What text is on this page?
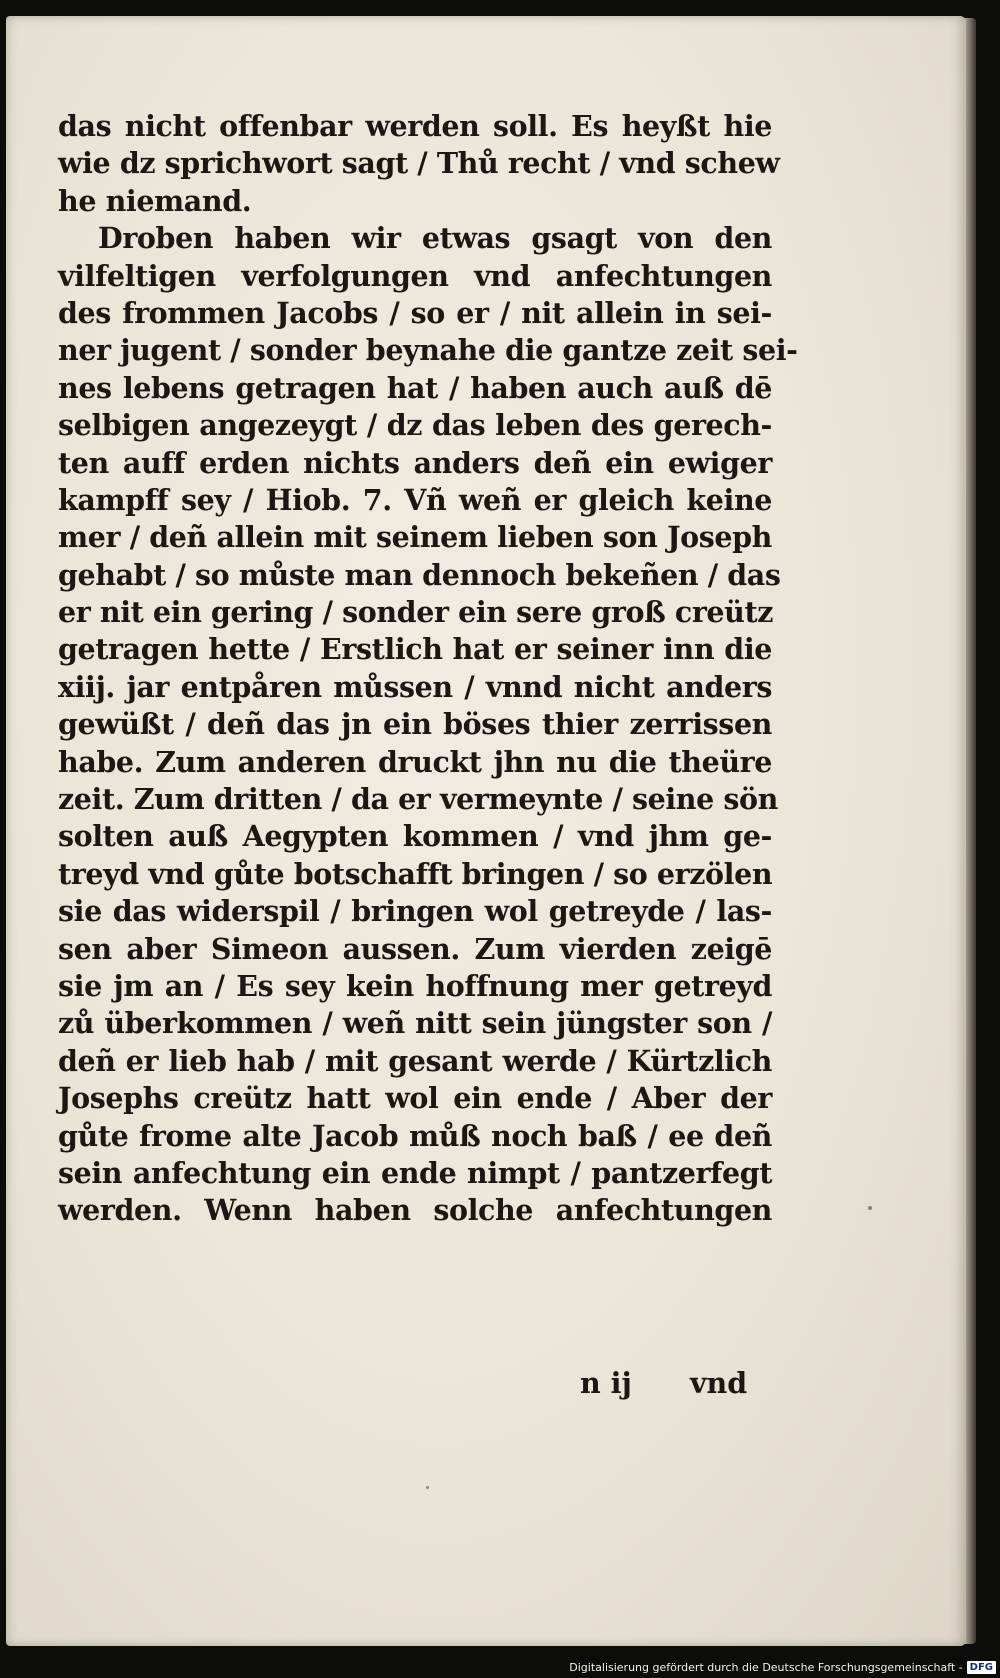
das nicht offenbar werden soll. Es heyßt hie
wie dz sprichwort sagt / Thů recht / vnd schew
he niemand.
Droben haben wir etwas gsagt von den
vilfeltigen verfolgungen vnd anfechtungen
des frommen Jacobs / so er / nit allein in sei-
ner jugent / sonder beynahe die gantze zeit sei-
nes lebens getragen hat / haben auch auß dē
selbigen angezeygt / dz das leben des gerech-
ten auff erden nichts anders deñ ein ewiger
kampff sey / Hiob. 7. Vñ weñ er gleich keine
mer / deñ allein mit seinem lieben son Joseph
gehabt / so můste man dennoch bekeñen / das
er nit ein gering / sonder ein sere groß creütz
getragen hette / Erstlich hat er seiner inn die
xiij. jar entpåren můssen / vnnd nicht anders
gewüßt / deñ das jn ein böses thier zerrissen
habe. Zum anderen druckt jhn nu die theüre
zeit. Zum dritten / da er vermeynte / seine sön
solten auß Aegypten kommen / vnd jhm ge-
treyd vnd gůte botschafft bringen / so erzölen
sie das widerspil / bringen wol getreyde / las-
sen aber Simeon aussen. Zum vierden zeigē
sie jm an / Es sey kein hoffnung mer getreyd
zů überkommen / weñ nitt sein jüngster son /
deñ er lieb hab / mit gesant werde / Kürtzlich
Josephs creütz hatt wol ein ende / Aber der
gůte frome alte Jacob můß noch baß / ee deñ
sein anfechtung ein ende nimpt / pantzerfegt
werden. Wenn haben solche anfechtungen
n ij vnd
Digitalisierung gefördert durch die Deutsche Forschungsgemeinschaft - DFG
